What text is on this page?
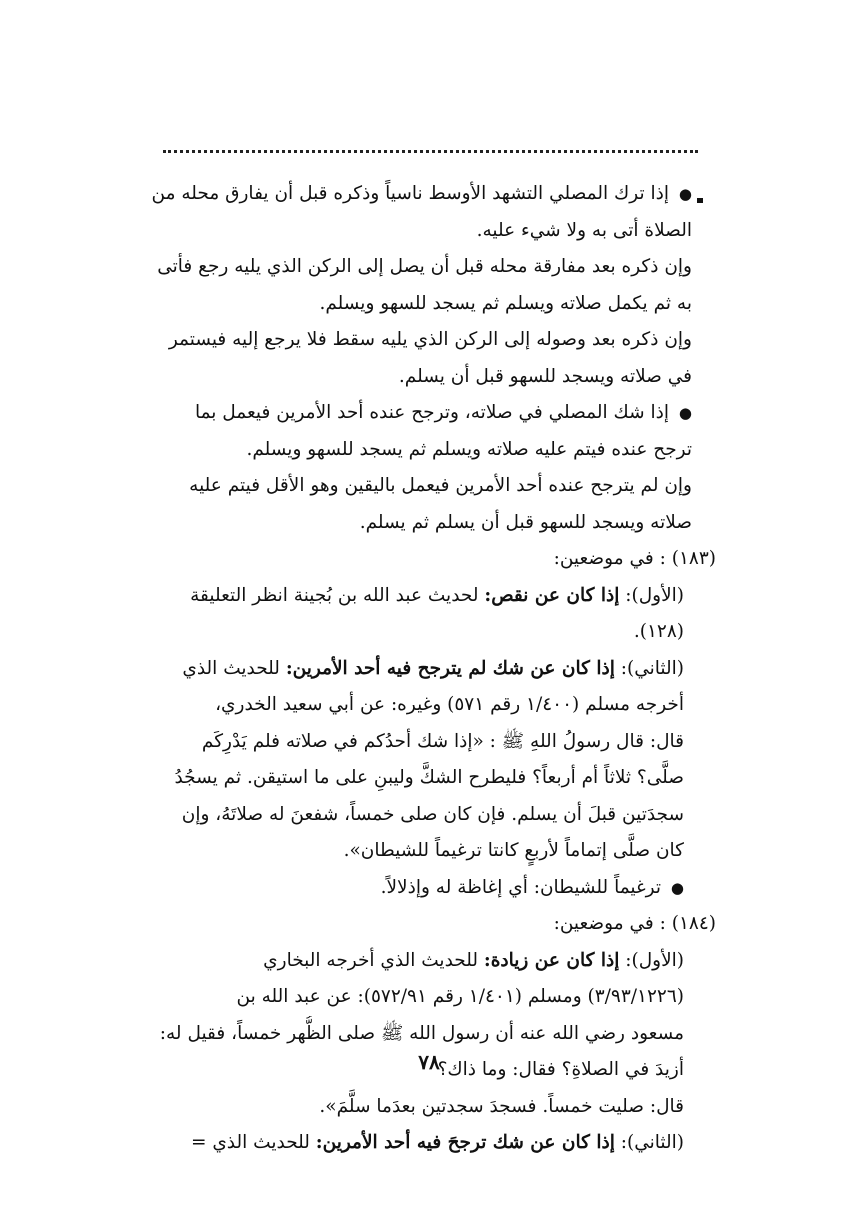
● إذا ترك المصلي التشهد الأوسط ناسياً وذكره قبل أن يفارق محله من
الصلاة أتى به ولا شيء عليه.
وإن ذكره بعد مفارقة محله قبل أن يصل إلى الركن الذي يليه رجع فأتى
به ثم يكمل صلاته ويسلم ثم يسجد للسهو ويسلم.
وإن ذكره بعد وصوله إلى الركن الذي يليه سقط فلا يرجع إليه فيستمر
في صلاته ويسجد للسهو قبل أن يسلم.
● إذا شك المصلي في صلاته، وترجح عنده أحد الأمرين فيعمل بما
ترجح عنده فيتم عليه صلاته ويسلم ثم يسجد للسهو ويسلم.
وإن لم يترجح عنده أحد الأمرين فيعمل باليقين وهو الأقل فيتم عليه
صلاته ويسجد للسهو قبل أن يسلم ثم يسلم.
(١٨٣) : في موضعين:
(الأول): إذا كان عن نقص: لحديث عبد الله بن بُجينة انظر التعليقة
(١٢٨).
(الثاني): إذا كان عن شك لم يترجح فيه أحد الأمرين: للحديث الذي
أخرجه مسلم (١/٤٠٠ رقم ٥٧١) وغيره: عن أبي سعيد الخدري،
قال: قال رسولُ اللهِ ﷺ : «إذا شك أحدُكم في صلاته فلم يَدْرِكَم
صلَّى؟ ثلاثاً أم أربعاً؟ فليطرح الشكَّ وليبنِ على ما استيقن. ثم يسجُدُ
سجدَتين قبلَ أن يسلم. فإن كان صلى خمساً، شفعنَ له صلاتَهُ، وإن
كان صلَّى إتماماً لأربعٍ كانتا ترغيماً للشيطان».
● ترغيماً للشيطان: أي إغاظة له وإذلالاً.
(١٨٤) : في موضعين:
(الأول): إذا كان عن زيادة: للحديث الذي أخرجه البخاري
(٣/٩٣/١٢٢٦) ومسلم (١/٤٠١ رقم ٥٧٢/٩١): عن عبد الله بن
مسعود رضي الله عنه أن رسول الله ﷺ صلى الظُّهر خمساً، فقيل له:
أزيدَ في الصلاةِ؟ فقال: وما ذاك؟
قال: صليت خمساً. فسجدَ سجدتين بعدَما سلَّمَ».
(الثاني): إذا كان عن شك ترجحَ فيه أحد الأمرين: للحديث الذي =
٧٨
